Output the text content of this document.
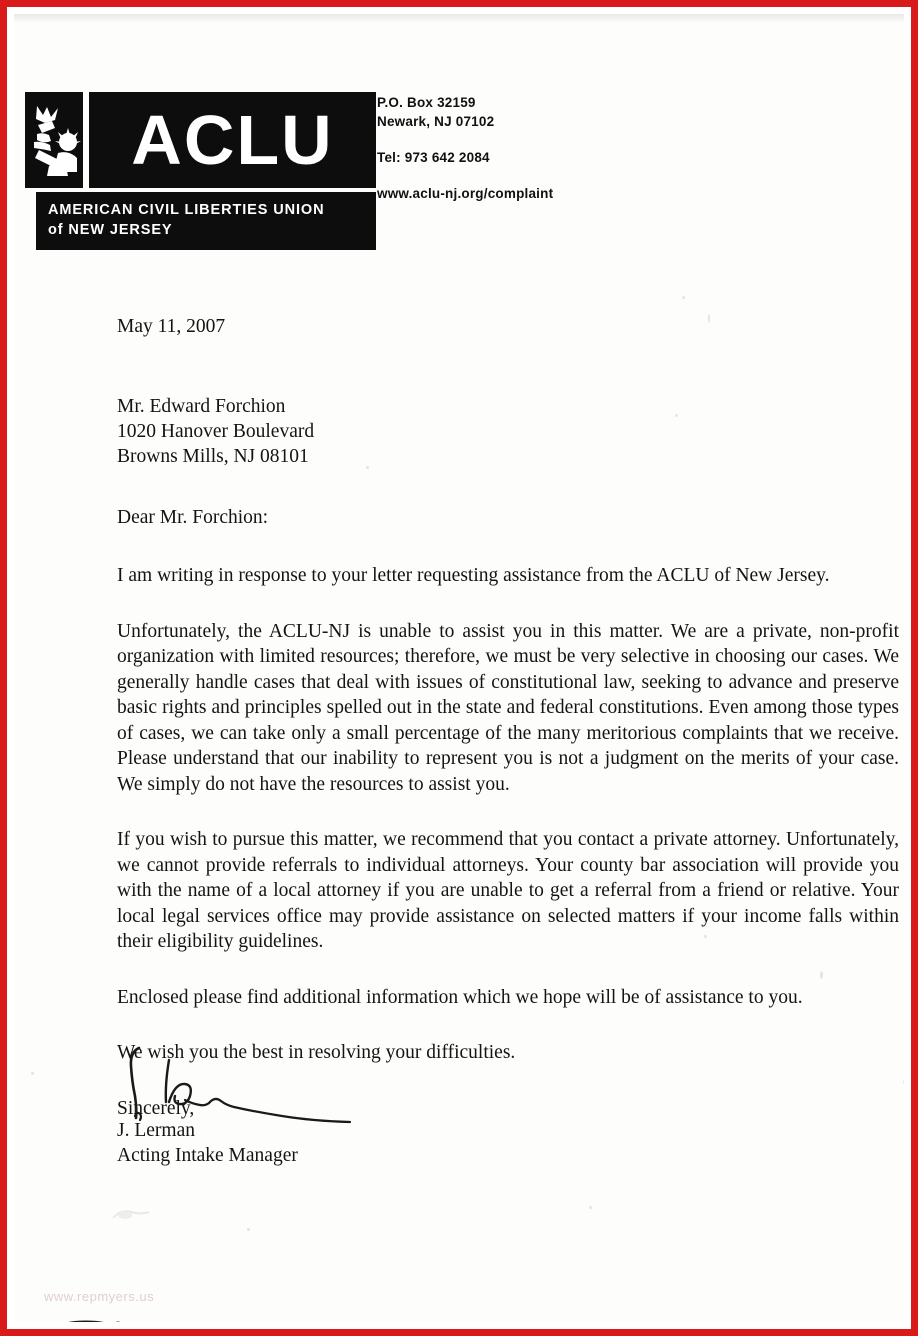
ACLU
AMERICAN CIVIL LIBERTIES UNION
of NEW JERSEY
P.O. Box 32159
Newark, NJ 07102
Tel: 973 642 2084
www.aclu-nj.org/complaint

May 11, 2007

Mr. Edward Forchion
1020 Hanover Boulevard
Browns Mills, NJ 08101

Dear Mr. Forchion:

I am writing in response to your letter requesting assistance from the ACLU of New Jersey.

Unfortunately, the ACLU-NJ is unable to assist you in this matter. We are a private, non-profit organization with limited resources; therefore, we must be very selective in choosing our cases. We generally handle cases that deal with issues of constitutional law, seeking to advance and preserve basic rights and principles spelled out in the state and federal constitutions. Even among those types of cases, we can take only a small percentage of the many meritorious complaints that we receive. Please understand that our inability to represent you is not a judgment on the merits of your case. We simply do not have the resources to assist you.

If you wish to pursue this matter, we recommend that you contact a private attorney. Unfortunately, we cannot provide referrals to individual attorneys. Your county bar association will provide you with the name of a local attorney if you are unable to get a referral from a friend or relative. Your local legal services office may provide assistance on selected matters if your income falls within their eligibility guidelines.

Enclosed please find additional information which we hope will be of assistance to you.

We wish you the best in resolving your difficulties.

Sincerely,

J. Lerman
Acting Intake Manager
www.repmyers.us
